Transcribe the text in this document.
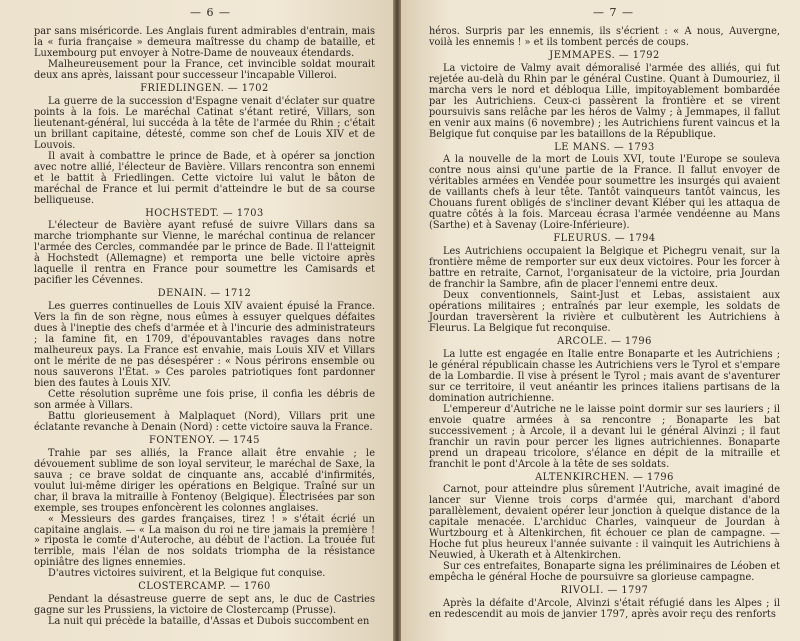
— 6 —

par sans miséricorde. Les Anglais furent admirables d'entrain, mais la « furia française » demeura maîtresse du champ de bataille, et Luxembourg put envoyer à Notre-Dame de nouveaux étendards.

Malheureusement pour la France, cet invincible soldat mourait deux ans après, laissant pour successeur l'incapable Villeroi.

FRIEDLINGEN. — 1702

La guerre de la succession d'Espagne venait d'éclater sur quatre points à la fois. Le maréchal Catinat s'étant retiré, Villars, son lieutenant-général, lui succéda à la tête de l'armée du Rhin ; c'était un brillant capitaine, détesté, comme son chef de Louis XIV et de Louvois.

Il avait à combattre le prince de Bade, et à opérer sa jonction avec notre allié, l'électeur de Bavière. Villars rencontra son ennemi et le battit à Friedlingen. Cette victoire lui valut le bâton de maréchal de France et lui permit d'atteindre le but de sa course belliqueuse.

HOCHSTEDT. — 1703

L'électeur de Bavière ayant refusé de suivre Villars dans sa marche triomphante sur Vienne, le maréchal continua de relancer l'armée des Cercles, commandée par le prince de Bade. Il l'atteignit à Hochstedt (Allemagne) et remporta une belle victoire après laquelle il rentra en France pour soumettre les Camisards et pacifier les Cévennes.

DENAIN. — 1712

Les guerres continuelles de Louis XIV avaient épuisé la France. Vers la fin de son règne, nous eûmes à essuyer quelques défaites dues à l'ineptie des chefs d'armée et à l'incurie des administrateurs ; la famine fit, en 1709, d'épouvantables ravages dans notre malheureux pays. La France est envahie, mais Louis XIV et Villars ont le mérite de ne pas désespérer : « Nous périrons ensemble ou nous sauverons l'État. » Ces paroles patriotiques font pardonner bien des fautes à Louis XIV.

Cette résolution suprême une fois prise, il confia les débris de son armée à Villars.

Battu glorieusement à Malplaquet (Nord), Villars prit une éclatante revanche à Denain (Nord) : cette victoire sauva la France.

FONTENOY. — 1745

Trahie par ses alliés, la France allait être envahie ; le dévouement sublime de son loyal serviteur, le maréchal de Saxe, la sauva ; ce brave soldat de cinquante ans, accablé d'infirmités, voulut lui-même diriger les opérations en Belgique. Traîné sur un char, il brava la mitraille à Fontenoy (Belgique). Électrisées par son exemple, ses troupes enfoncèrent les colonnes anglaises.

« Messieurs des gardes françaises, tirez ! » s'était écrié un capitaine anglais. — « La maison du roi ne tire jamais la première ! » riposta le comte d'Auteroche, au début de l'action. La trouée fut terrible, mais l'élan de nos soldats triompha de la résistance opiniâtre des lignes ennemies.

D'autres victoires suivirent, et la Belgique fut conquise.

CLOSTERCAMP. — 1760

Pendant la désastreuse guerre de sept ans, le duc de Castries gagne sur les Prussiens, la victoire de Clostercamp (Prusse).

La nuit qui précède la bataille, d'Assas et Dubois succombent en

— 7 —

héros. Surpris par les ennemis, ils s'écrient : « A nous, Auvergne, voilà les ennemis ! » et ils tombent percés de coups.

JEMMAPES. — 1792

La victoire de Valmy avait démoralisé l'armée des alliés, qui fut rejetée au-delà du Rhin par le général Custine. Quant à Dumouriez, il marcha vers le nord et débloqua Lille, impitoyablement bombardée par les Autrichiens. Ceux-ci passèrent la frontière et se virent poursuivis sans relâche par les héros de Valmy ; à Jemmapes, il fallut en venir aux mains (6 novembre) ; les Autrichiens furent vaincus et la Belgique fut conquise par les bataillons de la République.

LE MANS. — 1793

A la nouvelle de la mort de Louis XVI, toute l'Europe se souleva contre nous ainsi qu'une partie de la France. Il fallut envoyer de véritables armées en Vendée pour soumettre les insurgés qui avaient de vaillants chefs à leur tête. Tantôt vainqueurs tantôt vaincus, les Chouans furent obligés de s'incliner devant Kléber qui les attaqua de quatre côtés à la fois. Marceau écrasa l'armée vendéenne au Mans (Sarthe) et à Savenay (Loire-Inférieure).

FLEURUS. — 1794

Les Autrichiens occupaient la Belgique et Pichegru venait, sur la frontière même de remporter sur eux deux victoires. Pour les forcer à battre en retraite, Carnot, l'organisateur de la victoire, pria Jourdan de franchir la Sambre, afin de placer l'ennemi entre deux.

Deux conventionnels, Saint-Just et Lebas, assistaient aux opérations militaires ; entraînés par leur exemple, les soldats de Jourdan traversèrent la rivière et culbutèrent les Autrichiens à Fleurus. La Belgique fut reconquise.

ARCOLE. — 1796

La lutte est engagée en Italie entre Bonaparte et les Autrichiens ; le général républicain chasse les Autrichiens vers le Tyrol et s'empare de la Lombardie. Il vise à présent le Tyrol ; mais avant de s'aventurer sur ce territoire, il veut anéantir les princes italiens partisans de la domination autrichienne.

L'empereur d'Autriche ne le laisse point dormir sur ses lauriers ; il envoie quatre armées à sa rencontre ; Bonaparte les bat successivement ; à Arcole, il a devant lui le général Alvinzi ; il faut franchir un ravin pour percer les lignes autrichiennes. Bonaparte prend un drapeau tricolore, s'élance en dépit de la mitraille et franchit le pont d'Arcole à la tête de ses soldats.

ALTENKIRCHEN. — 1796

Carnot, pour atteindre plus sûrement l'Autriche, avait imaginé de lancer sur Vienne trois corps d'armée qui, marchant d'abord parallèlement, devaient opérer leur jonction à quelque distance de la capitale menacée. L'archiduc Charles, vainqueur de Jourdan à Wurtzbourg et à Altenkirchen, fit échouer ce plan de campagne. — Hoche fut plus heureux l'année suivante : il vainquit les Autrichiens à Neuwied, à Ukerath et à Altenkirchen.

Sur ces entrefaites, Bonaparte signa les préliminaires de Léoben et empêcha le général Hoche de poursuivre sa glorieuse campagne.

RIVOLI. — 1797

Après la défaite d'Arcole, Alvinzi s'était réfugié dans les Alpes ; il en redescendit au mois de janvier 1797, après avoir reçu des renforts
